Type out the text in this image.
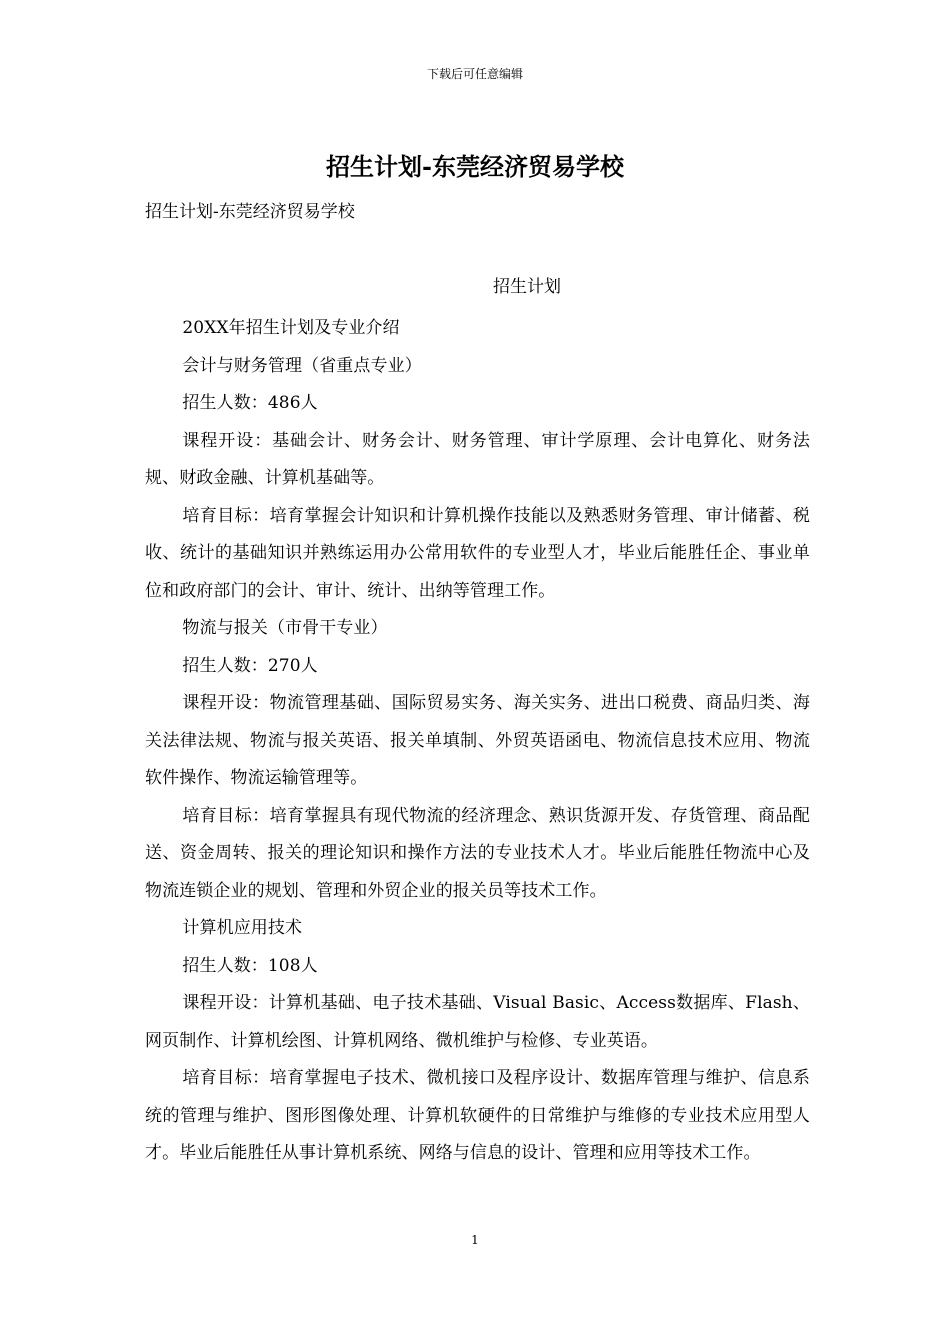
下载后可任意编辑
招生计划-东莞经济贸易学校

招生计划-东莞经济贸易学校

招生计划

20XX年招生计划及专业介绍

会计与财务管理（省重点专业）

招生人数：486人

课程开设：基础会计、财务会计、财务管理、审计学原理、会计电算化、财务法规、财政金融、计算机基础等。

培育目标：培育掌握会计知识和计算机操作技能以及熟悉财务管理、审计储蓄、税收、统计的基础知识并熟练运用办公常用软件的专业型人才，毕业后能胜任企、事业单位和政府部门的会计、审计、统计、出纳等管理工作。

物流与报关（市骨干专业）

招生人数：270人

课程开设：物流管理基础、国际贸易实务、海关实务、进出口税费、商品归类、海关法律法规、物流与报关英语、报关单填制、外贸英语函电、物流信息技术应用、物流软件操作、物流运输管理等。

培育目标：培育掌握具有现代物流的经济理念、熟识货源开发、存货管理、商品配送、资金周转、报关的理论知识和操作方法的专业技术人才。毕业后能胜任物流中心及物流连锁企业的规划、管理和外贸企业的报关员等技术工作。

计算机应用技术

招生人数：108人

课程开设：计算机基础、电子技术基础、Visual Basic、Access数据库、Flash、网页制作、计算机绘图、计算机网络、微机维护与检修、专业英语。

培育目标：培育掌握电子技术、微机接口及程序设计、数据库管理与维护、信息系统的管理与维护、图形图像处理、计算机软硬件的日常维护与维修的专业技术应用型人才。毕业后能胜任从事计算机系统、网络与信息的设计、管理和应用等技术工作。

1
